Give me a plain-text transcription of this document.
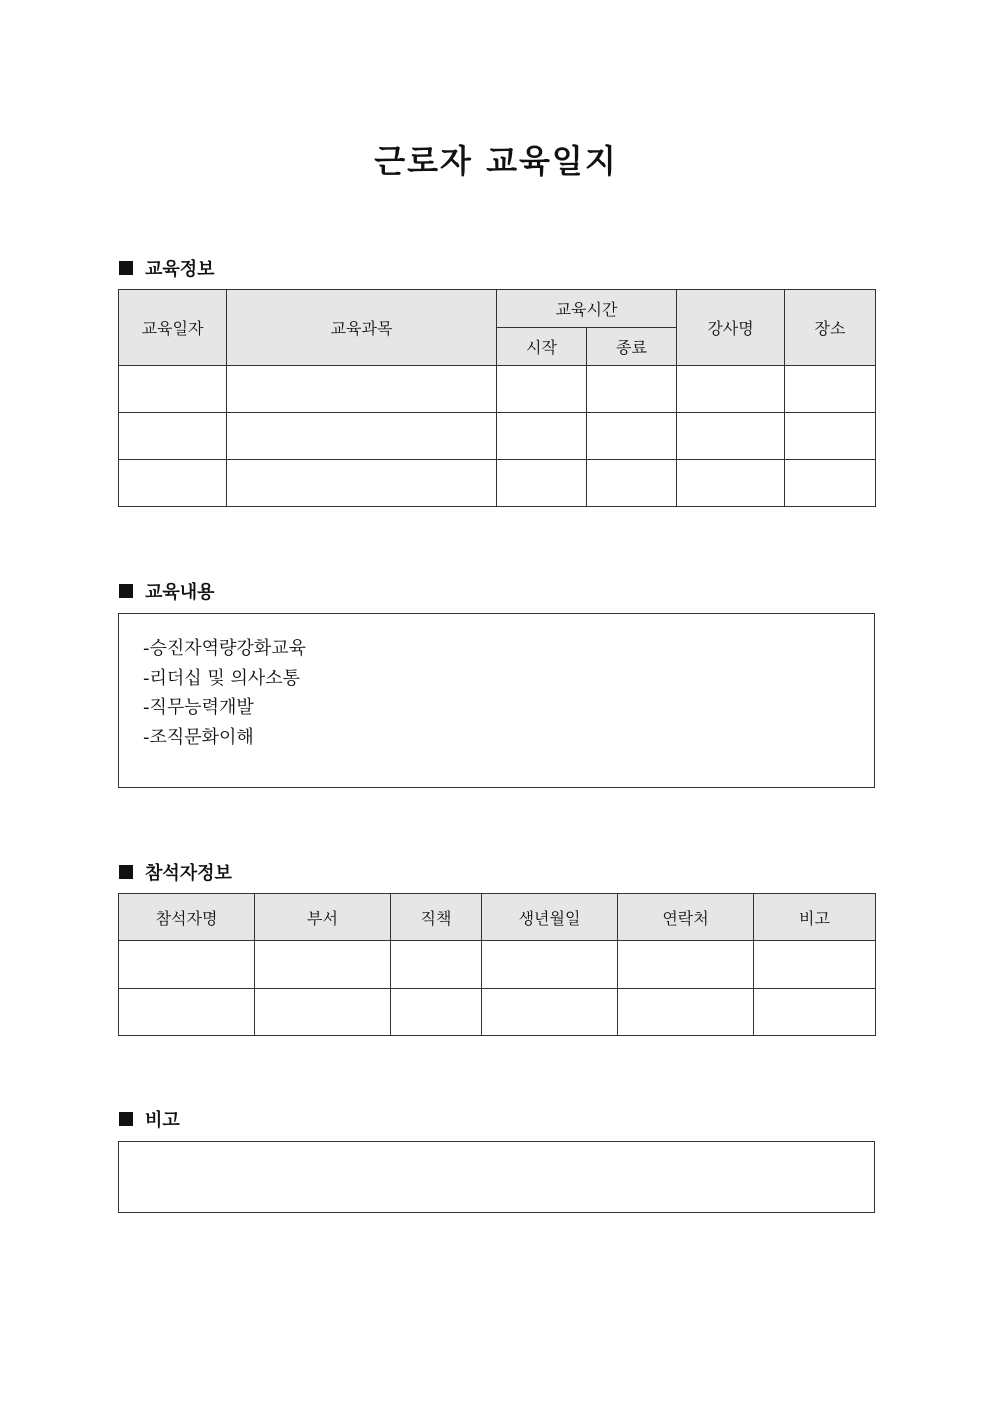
근로자 교육일지
교육정보
교육일자	교육과목	교육시간		강사명	장소
		시작	종료		

교육내용
-승진자역량강화교육
-리더십 및 의사소통
-직무능력개발
-조직문화이해
참석자정보
참석자명	부서	직책	생년월일	연락처	비고

비고
